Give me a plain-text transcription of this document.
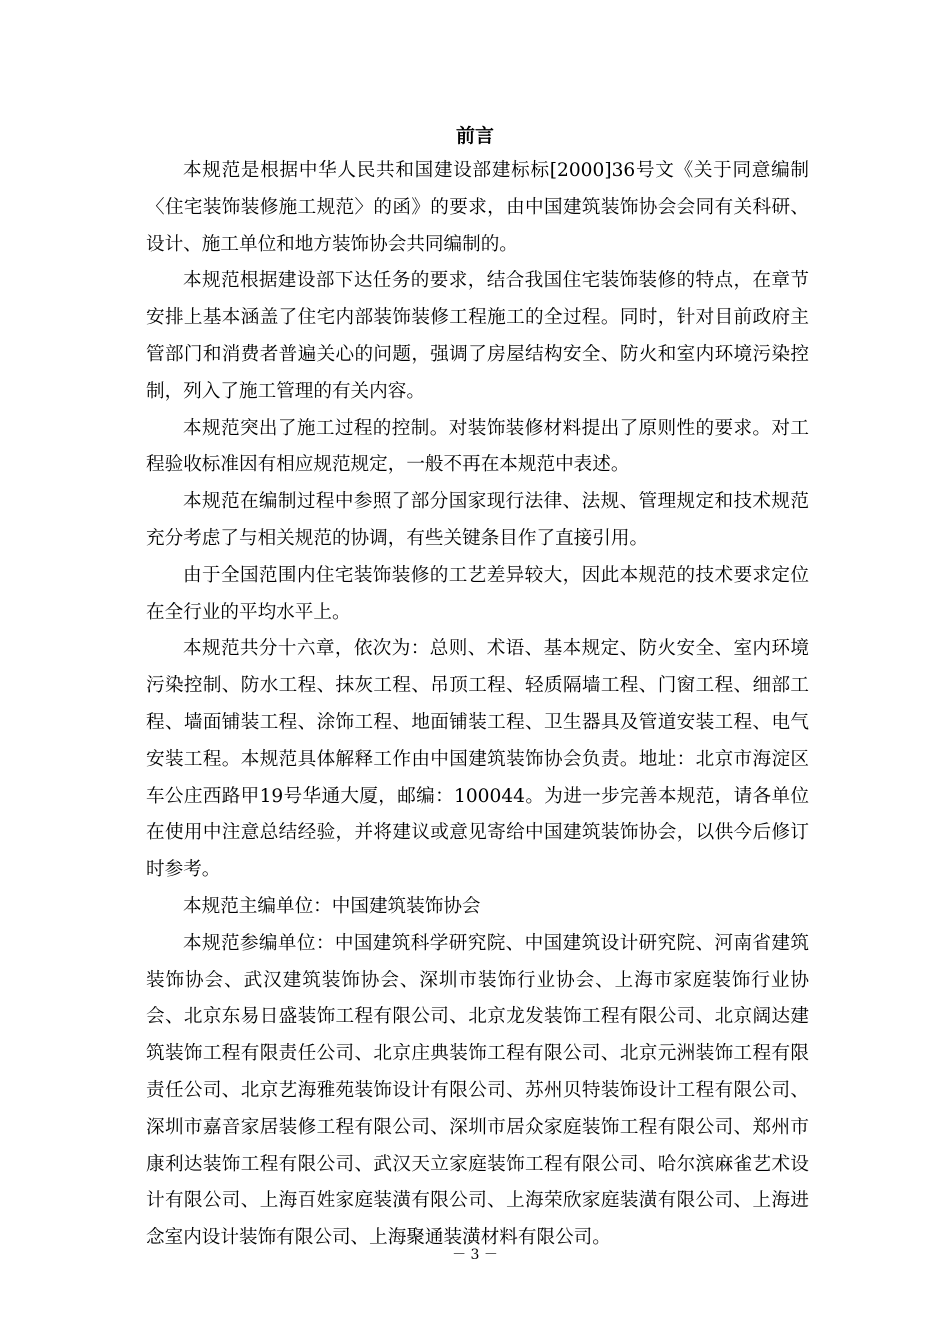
前言

本规范是根据中华人民共和国建设部建标标[2000]36号文《关于同意编制〈住宅装饰装修施工规范〉的函》的要求，由中国建筑装饰协会会同有关科研、设计、施工单位和地方装饰协会共同编制的。

本规范根据建设部下达任务的要求，结合我国住宅装饰装修的特点，在章节安排上基本涵盖了住宅内部装饰装修工程施工的全过程。同时，针对目前政府主管部门和消费者普遍关心的问题，强调了房屋结构安全、防火和室内环境污染控制，列入了施工管理的有关内容。

本规范突出了施工过程的控制。对装饰装修材料提出了原则性的要求。对工程验收标准因有相应规范规定，一般不再在本规范中表述。

本规范在编制过程中参照了部分国家现行法律、法规、管理规定和技术规范充分考虑了与相关规范的协调，有些关键条目作了直接引用。

由于全国范围内住宅装饰装修的工艺差异较大，因此本规范的技术要求定位在全行业的平均水平上。

本规范共分十六章，依次为：总则、术语、基本规定、防火安全、室内环境污染控制、防水工程、抹灰工程、吊顶工程、轻质隔墙工程、门窗工程、细部工程、墙面铺装工程、涂饰工程、地面铺装工程、卫生器具及管道安装工程、电气安装工程。本规范具体解释工作由中国建筑装饰协会负责。地址：北京市海淀区车公庄西路甲19号华通大厦，邮编：100044。为进一步完善本规范，请各单位在使用中注意总结经验，并将建议或意见寄给中国建筑装饰协会，以供今后修订时参考。

本规范主编单位：中国建筑装饰协会

本规范参编单位：中国建筑科学研究院、中国建筑设计研究院、河南省建筑装饰协会、武汉建筑装饰协会、深圳市装饰行业协会、上海市家庭装饰行业协会、北京东易日盛装饰工程有限公司、北京龙发装饰工程有限公司、北京阔达建筑装饰工程有限责任公司、北京庄典装饰工程有限公司、北京元洲装饰工程有限责任公司、北京艺海雅苑装饰设计有限公司、苏州贝特装饰设计工程有限公司、深圳市嘉音家居装修工程有限公司、深圳市居众家庭装饰工程有限公司、郑州市康利达装饰工程有限公司、武汉天立家庭装饰工程有限公司、哈尔滨麻雀艺术设计有限公司、上海百姓家庭装潢有限公司、上海荣欣家庭装潢有限公司、上海进念室内设计装饰有限公司、上海聚通装潢材料有限公司。

－ 3 －
